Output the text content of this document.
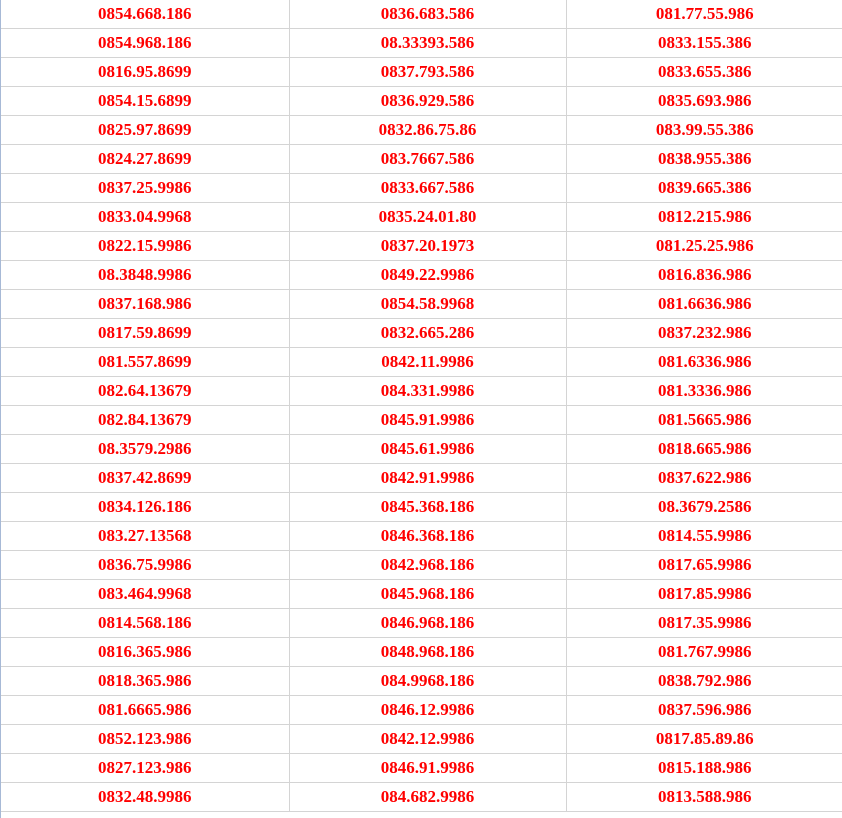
0854.668.186	0836.683.586	081.77.55.986
0854.968.186	08.33393.586	0833.155.386
0816.95.8699	0837.793.586	0833.655.386
0854.15.6899	0836.929.586	0835.693.986
0825.97.8699	0832.86.75.86	083.99.55.386
0824.27.8699	083.7667.586	0838.955.386
0837.25.9986	0833.667.586	0839.665.386
0833.04.9968	0835.24.01.80	0812.215.986
0822.15.9986	0837.20.1973	081.25.25.986
08.3848.9986	0849.22.9986	0816.836.986
0837.168.986	0854.58.9968	081.6636.986
0817.59.8699	0832.665.286	0837.232.986
081.557.8699	0842.11.9986	081.6336.986
082.64.13679	084.331.9986	081.3336.986
082.84.13679	0845.91.9986	081.5665.986
08.3579.2986	0845.61.9986	0818.665.986
0837.42.8699	0842.91.9986	0837.622.986
0834.126.186	0845.368.186	08.3679.2586
083.27.13568	0846.368.186	0814.55.9986
0836.75.9986	0842.968.186	0817.65.9986
083.464.9968	0845.968.186	0817.85.9986
0814.568.186	0846.968.186	0817.35.9986
0816.365.986	0848.968.186	081.767.9986
0818.365.986	084.9968.186	0838.792.986
081.6665.986	0846.12.9986	0837.596.986
0852.123.986	0842.12.9986	0817.85.89.86
0827.123.986	0846.91.9986	0815.188.986
0832.48.9986	084.682.9986	0813.588.986
